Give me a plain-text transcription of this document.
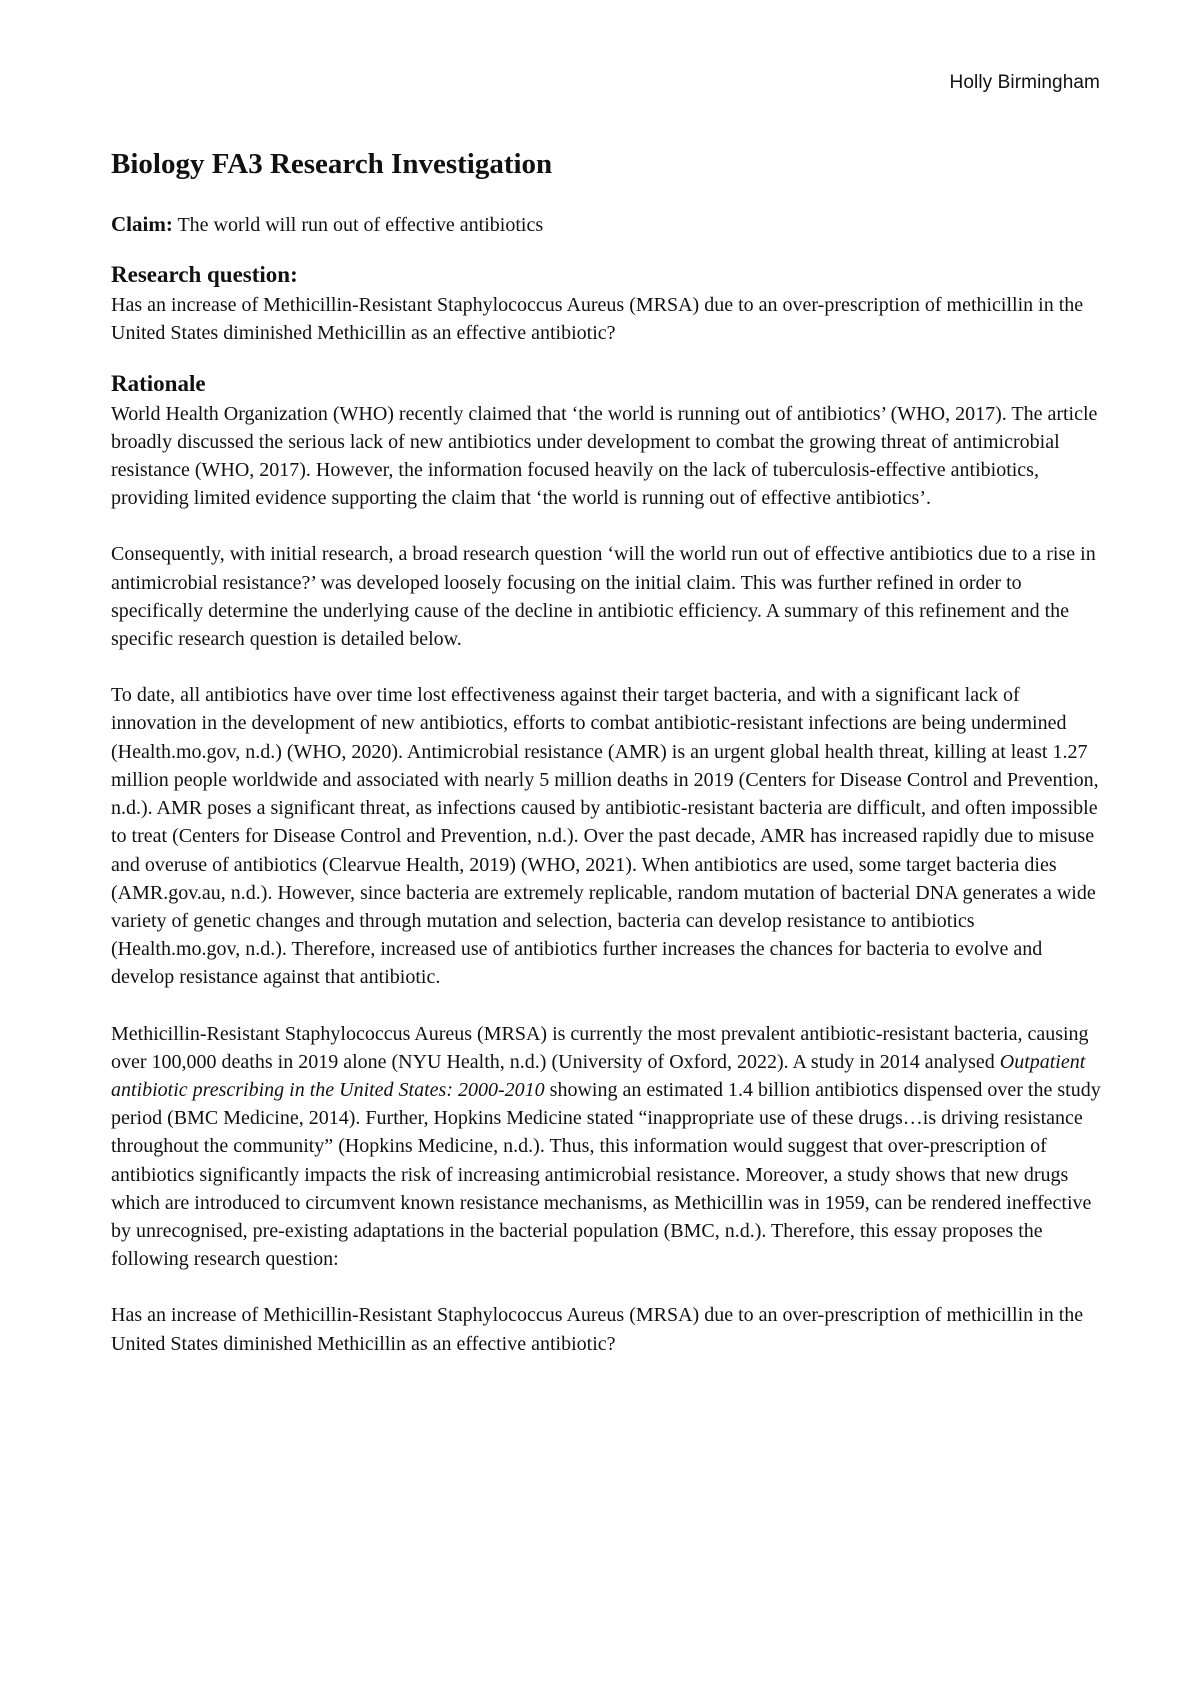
Holly Birmingham
Biology FA3 Research Investigation

Claim: The world will run out of effective antibiotics

Research question:

Has an increase of Methicillin-Resistant Staphylococcus Aureus (MRSA) due to an over-prescription of methicillin in the United States diminished Methicillin as an effective antibiotic?

Rationale

World Health Organization (WHO) recently claimed that ‘the world is running out of antibiotics’ (WHO, 2017). The article broadly discussed the serious lack of new antibiotics under development to combat the growing threat of antimicrobial resistance (WHO, 2017). However, the information focused heavily on the lack of tuberculosis-effective antibiotics, providing limited evidence supporting the claim that ‘the world is running out of effective antibiotics’.

Consequently, with initial research, a broad research question ‘will the world run out of effective antibiotics due to a rise in antimicrobial resistance?’ was developed loosely focusing on the initial claim. This was further refined in order to specifically determine the underlying cause of the decline in antibiotic efficiency. A summary of this refinement and the specific research question is detailed below.

To date, all antibiotics have over time lost effectiveness against their target bacteria, and with a significant lack of innovation in the development of new antibiotics, efforts to combat antibiotic-resistant infections are being undermined (Health.mo.gov, n.d.) (WHO, 2020). Antimicrobial resistance (AMR) is an urgent global health threat, killing at least 1.27 million people worldwide and associated with nearly 5 million deaths in 2019 (Centers for Disease Control and Prevention, n.d.). AMR poses a significant threat, as infections caused by antibiotic-resistant bacteria are difficult, and often impossible to treat (Centers for Disease Control and Prevention, n.d.). Over the past decade, AMR has increased rapidly due to misuse and overuse of antibiotics (Clearvue Health, 2019) (WHO, 2021). When antibiotics are used, some target bacteria dies (AMR.gov.au, n.d.). However, since bacteria are extremely replicable, random mutation of bacterial DNA generates a wide variety of genetic changes and through mutation and selection, bacteria can develop resistance to antibiotics (Health.mo.gov, n.d.). Therefore, increased use of antibiotics further increases the chances for bacteria to evolve and develop resistance against that antibiotic.

Methicillin-Resistant Staphylococcus Aureus (MRSA) is currently the most prevalent antibiotic-resistant bacteria, causing over 100,000 deaths in 2019 alone (NYU Health, n.d.) (University of Oxford, 2022). A study in 2014 analysed Outpatient antibiotic prescribing in the United States: 2000-2010 showing an estimated 1.4 billion antibiotics dispensed over the study period (BMC Medicine, 2014). Further, Hopkins Medicine stated “inappropriate use of these drugs…is driving resistance throughout the community” (Hopkins Medicine, n.d.). Thus, this information would suggest that over-prescription of antibiotics significantly impacts the risk of increasing antimicrobial resistance. Moreover, a study shows that new drugs which are introduced to circumvent known resistance mechanisms, as Methicillin was in 1959, can be rendered ineffective by unrecognised, pre-existing adaptations in the bacterial population (BMC, n.d.). Therefore, this essay proposes the following research question:

Has an increase of Methicillin-Resistant Staphylococcus Aureus (MRSA) due to an over-prescription of methicillin in the United States diminished Methicillin as an effective antibiotic?
